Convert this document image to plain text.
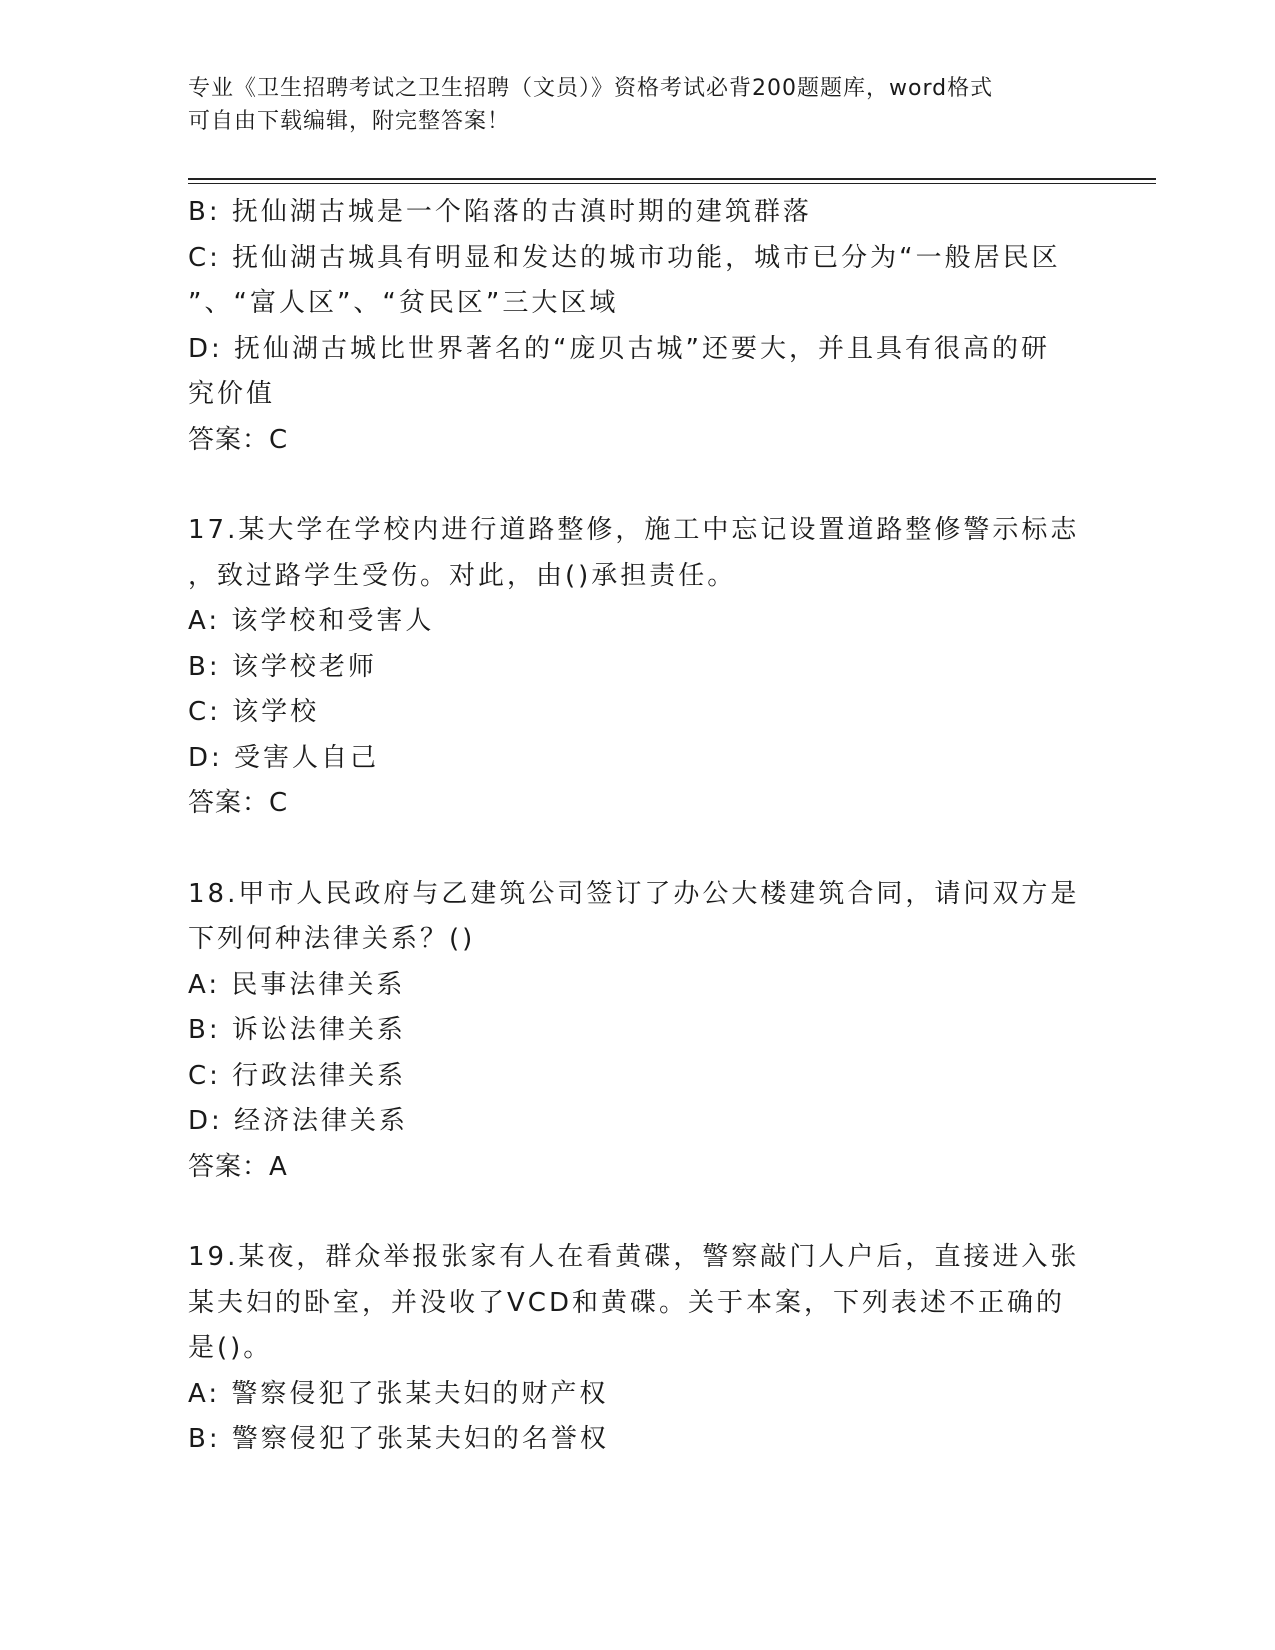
专业《卫生招聘考试之卫生招聘（文员）》资格考试必背200题题库，word格式
可自由下载编辑，附完整答案！
B: 抚仙湖古城是一个陷落的古滇时期的建筑群落
C: 抚仙湖古城具有明显和发达的城市功能，城市已分为“一般居民区
”、“富人区”、“贫民区”三大区域
D: 抚仙湖古城比世界著名的“庞贝古城”还要大，并且具有很高的研
究价值
答案：C
17.某大学在学校内进行道路整修，施工中忘记设置道路整修警示标志
，致过路学生受伤。对此，由()承担责任。
A: 该学校和受害人
B: 该学校老师
C: 该学校
D: 受害人自己
答案：C
18.甲市人民政府与乙建筑公司签订了办公大楼建筑合同，请问双方是
下列何种法律关系？()
A: 民事法律关系
B: 诉讼法律关系
C: 行政法律关系
D: 经济法律关系
答案：A
19.某夜，群众举报张家有人在看黄碟，警察敲门人户后，直接进入张
某夫妇的卧室，并没收了VCD和黄碟。关于本案，下列表述不正确的
是()。
A: 警察侵犯了张某夫妇的财产权
B: 警察侵犯了张某夫妇的名誉权
